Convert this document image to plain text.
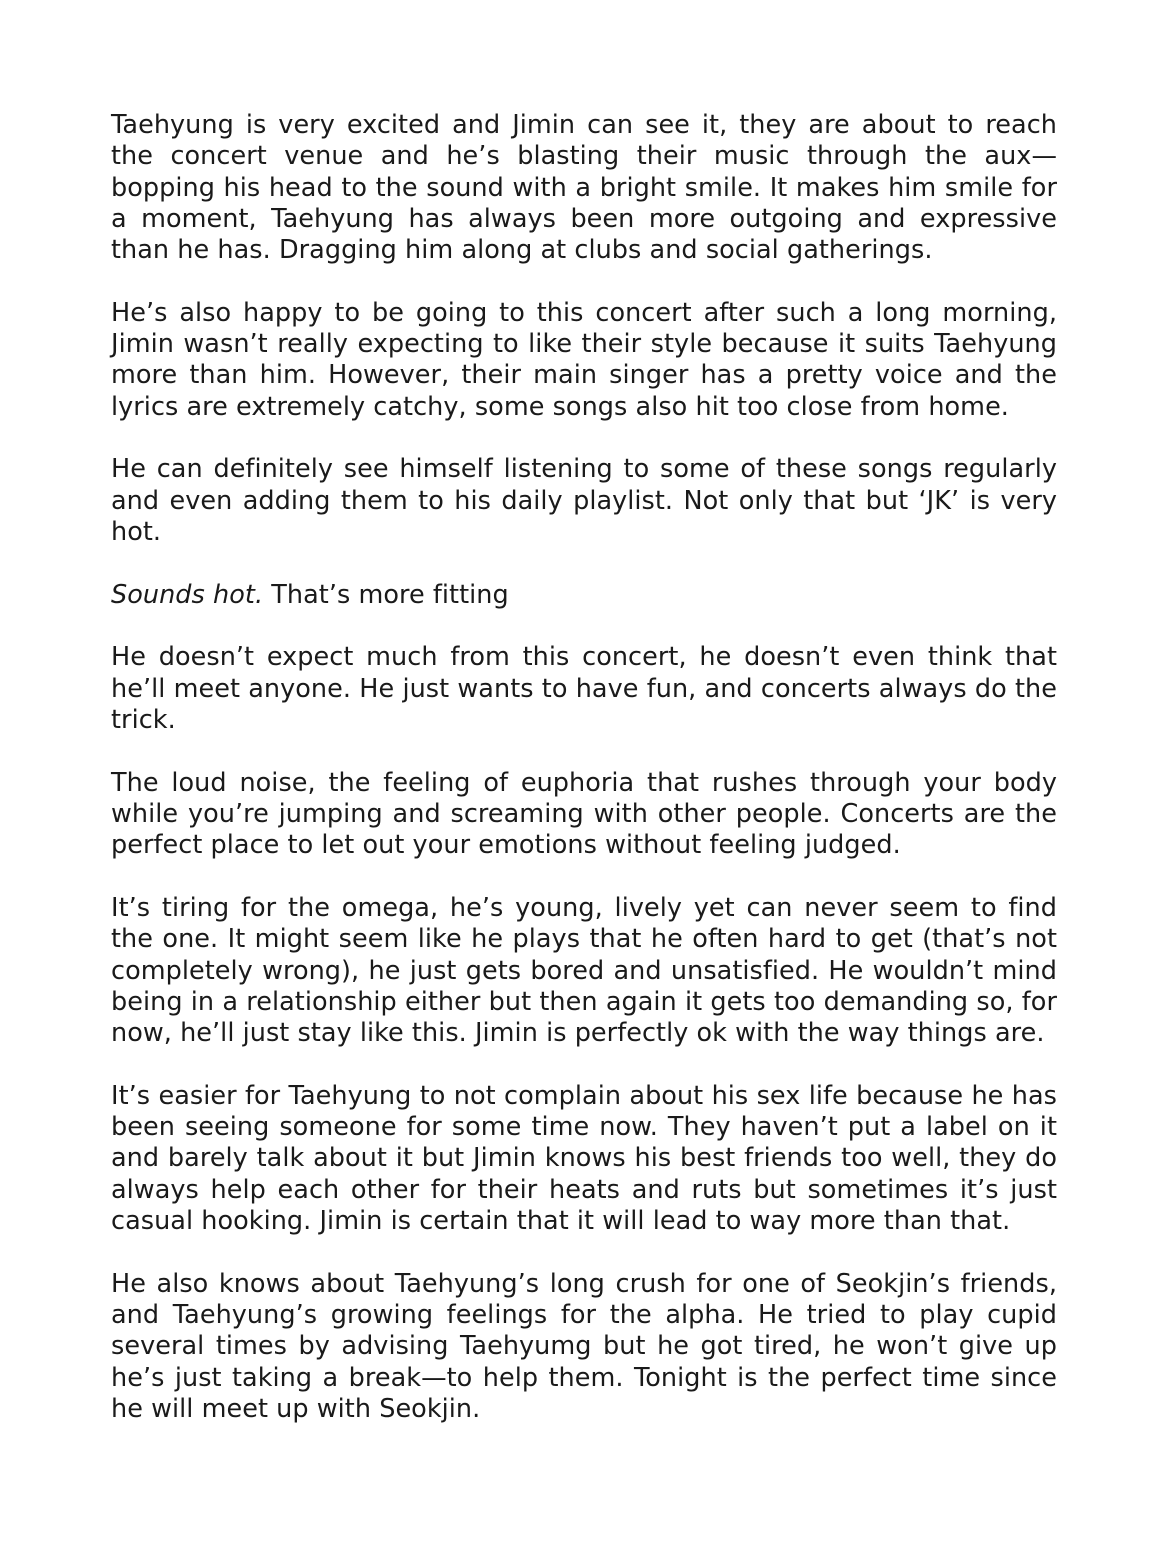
Taehyung is very excited and Jimin can see it, they are about to reach the concert venue and he’s blasting their music through the aux—bopping his head to the sound with a bright smile. It makes him smile for a moment, Taehyung has always been more outgoing and expressive than he has. Dragging him along at clubs and social gatherings.

He’s also happy to be going to this concert after such a long morning, Jimin wasn’t really expecting to like their style because it suits Taehyung more than him. However, their main singer has a pretty voice and the lyrics are extremely catchy, some songs also hit too close from home.

He can definitely see himself listening to some of these songs regularly and even adding them to his daily playlist. Not only that but ‘JK’ is very hot.

Sounds hot. That’s more fitting

He doesn’t expect much from this concert, he doesn’t even think that he’ll meet anyone. He just wants to have fun, and concerts always do the trick.

The loud noise, the feeling of euphoria that rushes through your body while you’re jumping and screaming with other people. Concerts are the perfect place to let out your emotions without feeling judged.

It’s tiring for the omega, he’s young, lively yet can never seem to find the one. It might seem like he plays that he often hard to get (that’s not completely wrong), he just gets bored and unsatisfied. He wouldn’t mind being in a relationship either but then again it gets too demanding so, for now, he’ll just stay like this. Jimin is perfectly ok with the way things are.

It’s easier for Taehyung to not complain about his sex life because he has been seeing someone for some time now. They haven’t put a label on it and barely talk about it but Jimin knows his best friends too well, they do always help each other for their heats and ruts but sometimes it’s just casual hooking. Jimin is certain that it will lead to way more than that.

He also knows about Taehyung’s long crush for one of Seokjin’s friends, and Taehyung’s growing feelings for the alpha. He tried to play cupid several times by advising Taehyumg but he got tired, he won’t give up he’s just taking a break—to help them. Tonight is the perfect time since he will meet up with Seokjin.
